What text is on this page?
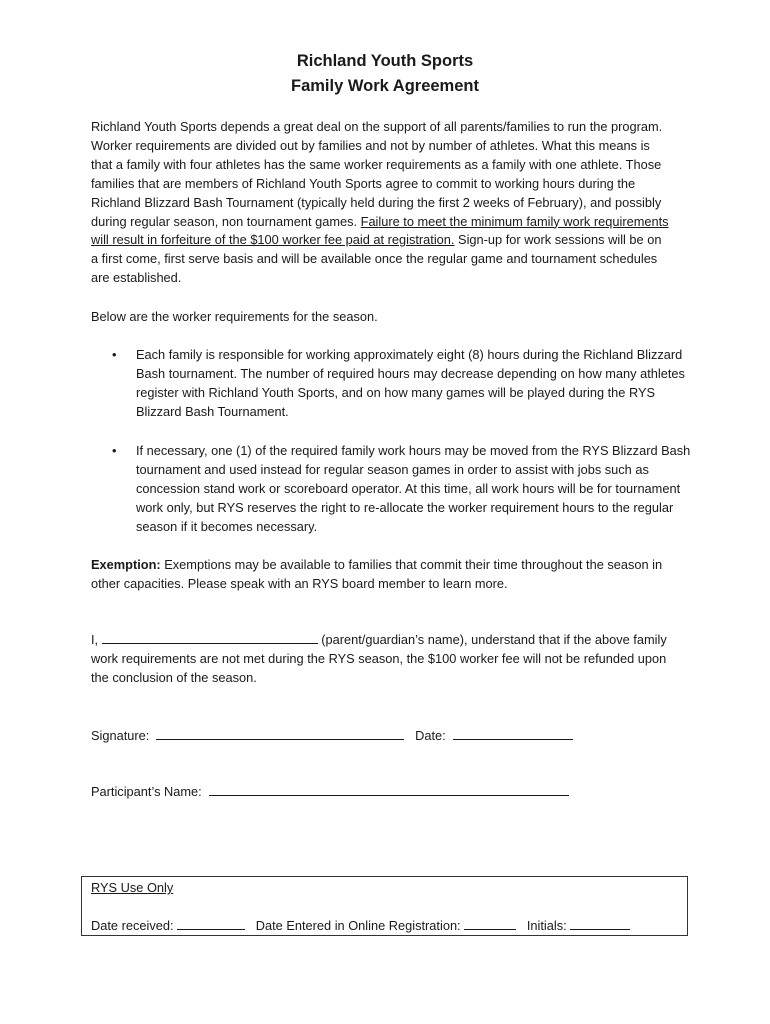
Richland Youth Sports
Family Work Agreement
Richland Youth Sports depends a great deal on the support of all parents/families to run the program. Worker requirements are divided out by families and not by number of athletes. What this means is that a family with four athletes has the same worker requirements as a family with one athlete. Those families that are members of Richland Youth Sports agree to commit to working hours during the Richland Blizzard Bash Tournament (typically held during the first 2 weeks of February), and possibly during regular season, non tournament games. Failure to meet the minimum family work requirements will result in forfeiture of the $100 worker fee paid at registration. Sign-up for work sessions will be on a first come, first serve basis and will be available once the regular game and tournament schedules are established.
Below are the worker requirements for the season.
• Each family is responsible for working approximately eight (8) hours during the Richland Blizzard Bash tournament. The number of required hours may decrease depending on how many athletes register with Richland Youth Sports, and on how many games will be played during the RYS Blizzard Bash Tournament.
• If necessary, one (1) of the required family work hours may be moved from the RYS Blizzard Bash tournament and used instead for regular season games in order to assist with jobs such as concession stand work or scoreboard operator. At this time, all work hours will be for tournament work only, but RYS reserves the right to re-allocate the worker requirement hours to the regular season if it becomes necessary.
Exemption: Exemptions may be available to families that commit their time throughout the season in other capacities. Please speak with an RYS board member to learn more.
I,	(parent/guardian’s name), understand that if the above family work requirements are not met during the RYS season, the $100 worker fee will not be refunded upon the conclusion of the season.
Signature:	Date:
Participant’s Name:
RYS Use Only
Date received:	Date Entered in Online Registration:	Initials:
